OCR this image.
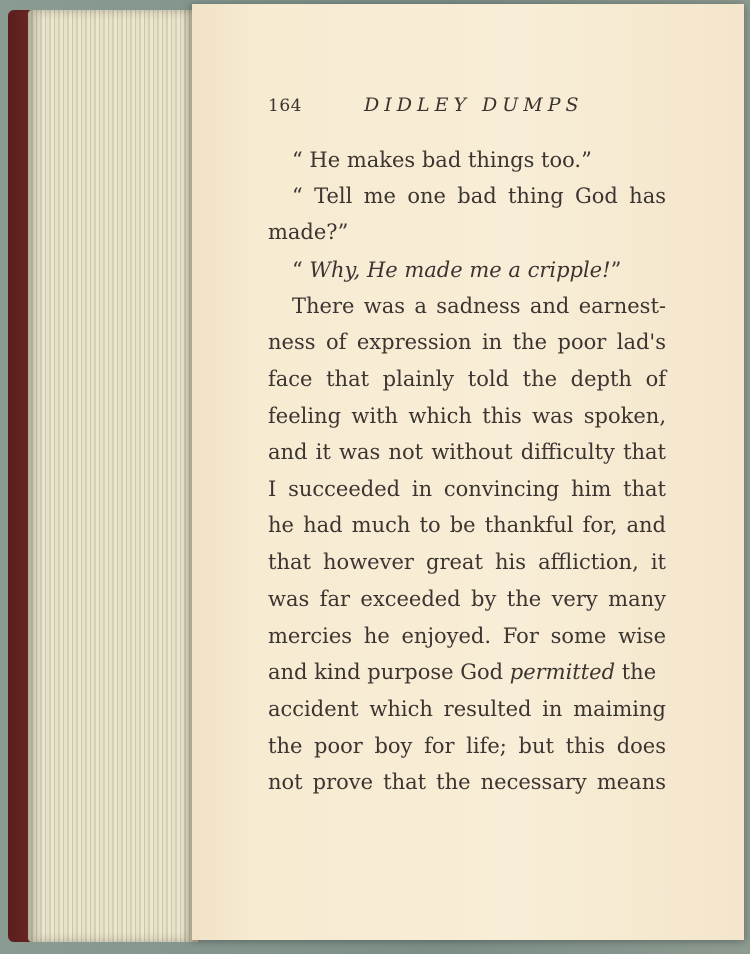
164	DIDLEY DUMPS
“ He makes bad things too.”
“ Tell me one bad thing God has
made?”
“ Why, He made me a cripple!”
There was a sadness and earnest-
ness of expression in the poor lad's
face that plainly told the depth of
feeling with which this was spoken,
and it was not without difficulty that
I succeeded in convincing him that
he had much to be thankful for, and
that however great his affliction, it
was far exceeded by the very many
mercies he enjoyed. For some wise
and kind purpose God permitted the
accident which resulted in maiming
the poor boy for life; but this does
not prove that the necessary means
